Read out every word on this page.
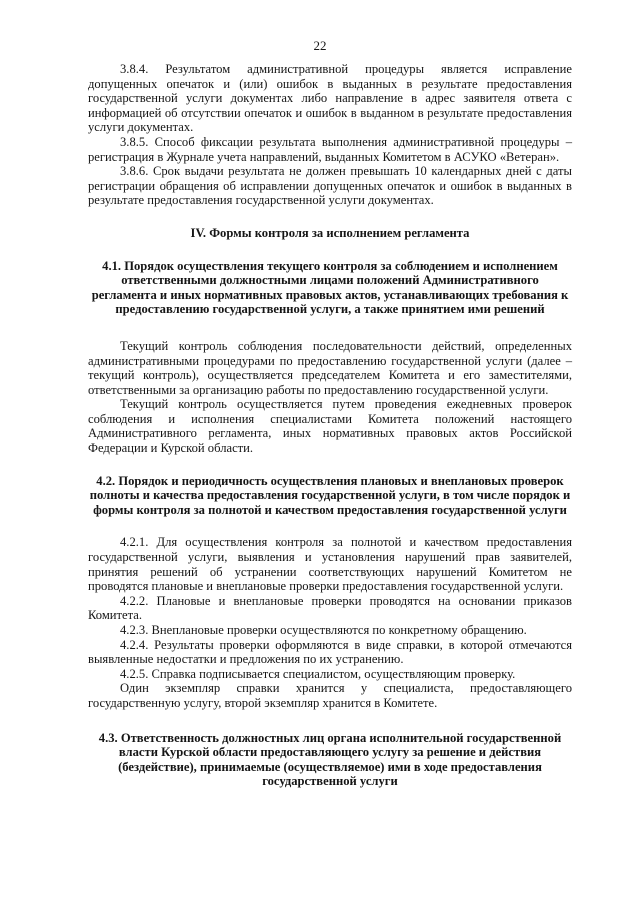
22

3.8.4. Результатом административной процедуры является исправление допущенных опечаток и (или) ошибок в выданных в результате предоставления государственной услуги документах либо направление в адрес заявителя ответа с информацией об отсутствии опечаток и ошибок в выданном в результате предоставления услуги документах.

3.8.5. Способ фиксации результата выполнения административной процедуры – регистрация в Журнале учета направлений, выданных Комитетом в АСУКО «Ветеран».

3.8.6. Срок выдачи результата не должен превышать 10 календарных дней с даты регистрации обращения об исправлении допущенных опечаток и ошибок в выданных в результате предоставления государственной услуги документах.

IV. Формы контроля за исполнением регламента

4.1. Порядок осуществления текущего контроля за соблюдением и исполнением ответственными должностными лицами положений Административного регламента и иных нормативных правовых актов, устанавливающих требования к предоставлению государственной услуги, а также принятием ими решений

Текущий контроль соблюдения последовательности действий, определенных административными процедурами по предоставлению государственной услуги (далее – текущий контроль), осуществляется председателем Комитета и его заместителями, ответственными за организацию работы по предоставлению государственной услуги.

Текущий контроль осуществляется путем проведения ежедневных проверок соблюдения и исполнения специалистами Комитета положений настоящего Административного регламента, иных нормативных правовых актов Российской Федерации и Курской области.

4.2. Порядок и периодичность осуществления плановых и внеплановых проверок полноты и качества предоставления государственной услуги, в том числе порядок и формы контроля за полнотой и качеством предоставления государственной услуги

4.2.1. Для осуществления контроля за полнотой и качеством предоставления государственной услуги, выявления и установления нарушений прав заявителей, принятия решений об устранении соответствующих нарушений Комитетом не проводятся плановые и внеплановые проверки предоставления государственной услуги.

4.2.2. Плановые и внеплановые проверки проводятся на основании приказов Комитета.

4.2.3. Внеплановые проверки осуществляются по конкретному обращению.

4.2.4. Результаты проверки оформляются в виде справки, в которой отмечаются выявленные недостатки и предложения по их устранению.

4.2.5. Справка подписывается специалистом, осуществляющим проверку.

Один экземпляр справки хранится у специалиста, предоставляющего государственную услугу, второй экземпляр хранится в Комитете.

4.3. Ответственность должностных лиц органа исполнительной государственной власти Курской области предоставляющего услугу за решение и действия (бездействие), принимаемые (осуществляемое) ими в ходе предоставления государственной услуги
